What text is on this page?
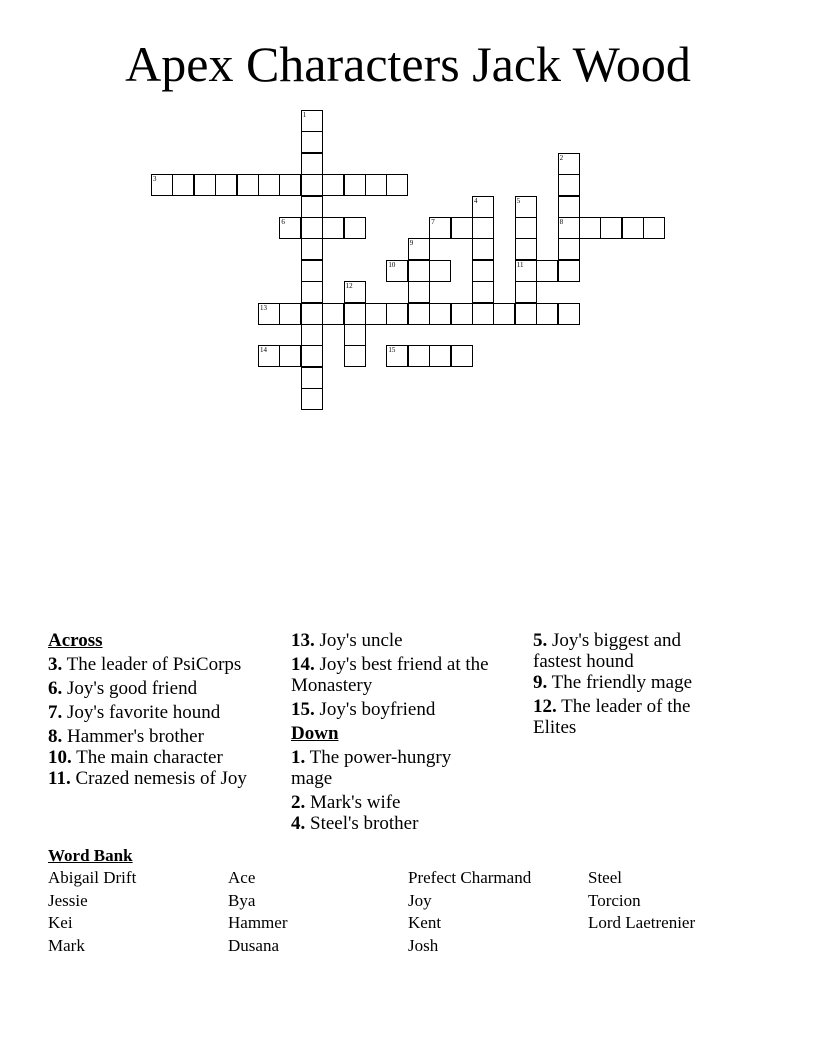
Apex Characters Jack Wood
1
2
8
3
4	5
11
6	7
9
10
12
13
14	15
Across
3. The leader of PsiCorps
6. Joy's good friend
7. Joy's favorite hound
8. Hammer's brother
10. The main character
11. Crazed nemesis of Joy
13. Joy's uncle
14. Joy's best friend at the Monastery
15. Joy's boyfriend
Down
1. The power-hungry mage
2. Mark's wife
4. Steel's brother
5. Joy's biggest and fastest hound
9. The friendly mage
12. The leader of the Elites
Word Bank
Abigail Drift	Ace	Prefect Charmand	Steel
Jessie	Bya	Joy	Torcion
Kei	Hammer	Kent	Lord Laetrenier
Mark	Dusana	Josh
